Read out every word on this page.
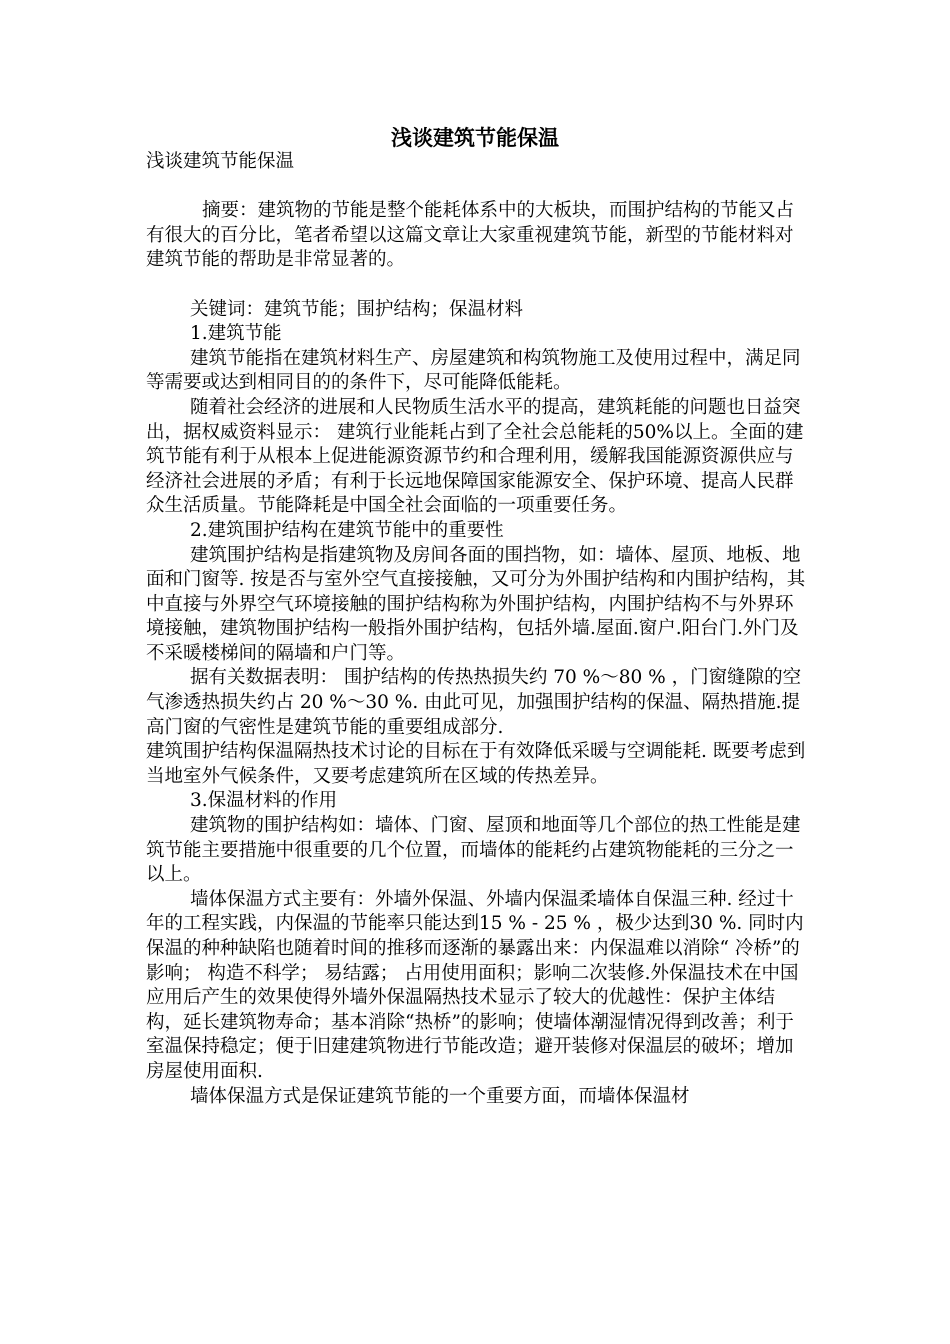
浅谈建筑节能保温

浅谈建筑节能保温

摘要：建筑物的节能是整个能耗体系中的大板块，而围护结构的节能又占有很大的百分比，笔者希望以这篇文章让大家重视建筑节能，新型的节能材料对建筑节能的帮助是非常显著的。

关键词：建筑节能；围护结构；保温材料

1.建筑节能

建筑节能指在建筑材料生产、房屋建筑和构筑物施工及使用过程中，满足同等需要或达到相同目的的条件下，尽可能降低能耗。

随着社会经济的进展和人民物质生活水平的提高，建筑耗能的问题也日益突出，据权威资料显示： 建筑行业能耗占到了全社会总能耗的50%以上。全面的建筑节能有利于从根本上促进能源资源节约和合理利用，缓解我国能源资源供应与经济社会进展的矛盾；有利于长远地保障国家能源安全、保护环境、提高人民群众生活质量。节能降耗是中国全社会面临的一项重要任务。

2.建筑围护结构在建筑节能中的重要性

建筑围护结构是指建筑物及房间各面的围挡物，如：墙体、屋顶、地板、地面和门窗等. 按是否与室外空气直接接触，又可分为外围护结构和内围护结构，其中直接与外界空气环境接触的围护结构称为外围护结构，内围护结构不与外界环境接触，建筑物围护结构一般指外围护结构，包括外墙.屋面.窗户.阳台门.外门及不采暖楼梯间的隔墙和户门等。

据有关数据表明： 围护结构的传热热损失约 70 %～80 % ，门窗缝隙的空气渗透热损失约占 20 %～30 %. 由此可见，加强围护结构的保温、隔热措施.提高门窗的气密性是建筑节能的重要组成部分.

建筑围护结构保温隔热技术讨论的目标在于有效降低采暖与空调能耗. 既要考虑到当地室外气候条件，又要考虑建筑所在区域的传热差异。

3.保温材料的作用

建筑物的围护结构如：墙体、门窗、屋顶和地面等几个部位的热工性能是建筑节能主要措施中很重要的几个位置，而墙体的能耗约占建筑物能耗的三分之一以上。

墙体保温方式主要有：外墙外保温、外墙内保温柔墙体自保温三种. 经过十年的工程实践，内保温的节能率只能达到15 % - 25 % ，极少达到30 %. 同时内保温的种种缺陷也随着时间的推移而逐渐的暴露出来：内保温难以消除“ 冷桥”的影响； 构造不科学； 易结露； 占用使用面积；影响二次装修.外保温技术在中国应用后产生的效果使得外墙外保温隔热技术显示了较大的优越性：保护主体结构，延长建筑物寿命；基本消除“热桥”的影响；使墙体潮湿情况得到改善；利于室温保持稳定；便于旧建建筑物进行节能改造；避开装修对保温层的破坏；增加房屋使用面积.

墙体保温方式是保证建筑节能的一个重要方面，而墙体保温材
